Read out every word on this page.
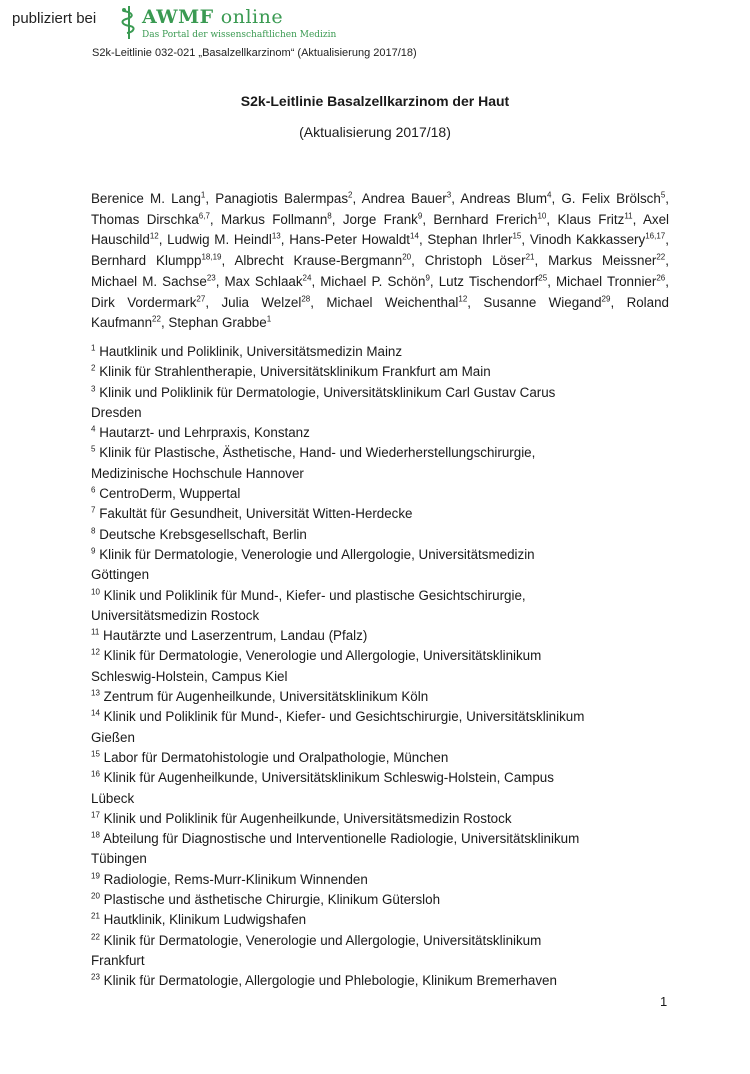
publiziert bei AWMF online
Das Portal der wissenschaftlichen Medizin
S2k-Leitlinie 032-021 „Basalzellkarzinom“ (Aktualisierung 2017/18)
S2k-Leitlinie Basalzellkarzinom der Haut
(Aktualisierung 2017/18)
Berenice M. Lang$^1$, Panagiotis Balermpas$^2$, Andrea Bauer$^3$, Andreas Blum$^4$, G. Felix Brölsch$^5$, Thomas Dirschka$^{6,7}$, Markus Follmann$^8$, Jorge Frank$^9$, Bernhard Frerich$^{10}$, Klaus Fritz$^{11}$, Axel Hauschild$^{12}$, Ludwig M. Heindl$^{13}$, Hans-Peter Howaldt$^{14}$, Stephan Ihrler$^{15}$, Vinodh Kakkassery$^{16,17}$, Bernhard Klumpp$^{18,19}$, Albrecht Krause-Bergmann$^{20}$, Christoph Löser$^{21}$, Markus Meissner$^{22}$, Michael M. Sachse$^{23}$, Max Schlaak$^{24}$, Michael P. Schön$^9$, Lutz Tischendorf$^{25}$, Michael Tronnier$^{26}$, Dirk Vordermark$^{27}$, Julia Welzel$^{28}$, Michael Weichenthal$^{12}$, Susanne Wiegand$^{29}$, Roland Kaufmann$^{22}$, Stephan Grabbe$^1$
$^1$ Hautklinik und Poliklinik, Universitätsmedizin Mainz
$^2$ Klinik für Strahlentherapie, Universitätsklinikum Frankfurt am Main
$^3$ Klinik und Poliklinik für Dermatologie, Universitätsklinikum Carl Gustav Carus
Dresden
$^4$ Hautarzt- und Lehrpraxis, Konstanz
$^5$ Klinik für Plastische, Ästhetische, Hand- und Wiederherstellungschirurgie,
Medizinische Hochschule Hannover
$^6$ CentroDerm, Wuppertal
$^7$ Fakultät für Gesundheit, Universität Witten-Herdecke
$^8$ Deutsche Krebsgesellschaft, Berlin
$^9$ Klinik für Dermatologie, Venerologie und Allergologie, Universitätsmedizin
Göttingen
$^{10}$ Klinik und Poliklinik für Mund-, Kiefer- und plastische Gesichtschirurgie,
Universitätsmedizin Rostock
$^{11}$ Hautärzte und Laserzentrum, Landau (Pfalz)
$^{12}$ Klinik für Dermatologie, Venerologie und Allergologie, Universitätsklinikum
Schleswig-Holstein, Campus Kiel
$^{13}$ Zentrum für Augenheilkunde, Universitätsklinikum Köln
$^{14}$ Klinik und Poliklinik für Mund-, Kiefer- und Gesichtschirurgie, Universitätsklinikum
Gießen
$^{15}$ Labor für Dermatohistologie und Oralpathologie, München
$^{16}$ Klinik für Augenheilkunde, Universitätsklinikum Schleswig-Holstein, Campus
Lübeck
$^{17}$ Klinik und Poliklinik für Augenheilkunde, Universitätsmedizin Rostock
$^{18}$ Abteilung für Diagnostische und Interventionelle Radiologie, Universitätsklinikum
Tübingen
$^{19}$ Radiologie, Rems-Murr-Klinikum Winnenden
$^{20}$ Plastische und ästhetische Chirurgie, Klinikum Gütersloh
$^{21}$ Hautklinik, Klinikum Ludwigshafen
$^{22}$ Klinik für Dermatologie, Venerologie und Allergologie, Universitätsklinikum
Frankfurt
$^{23}$ Klinik für Dermatologie, Allergologie und Phlebologie, Klinikum Bremerhaven
1
